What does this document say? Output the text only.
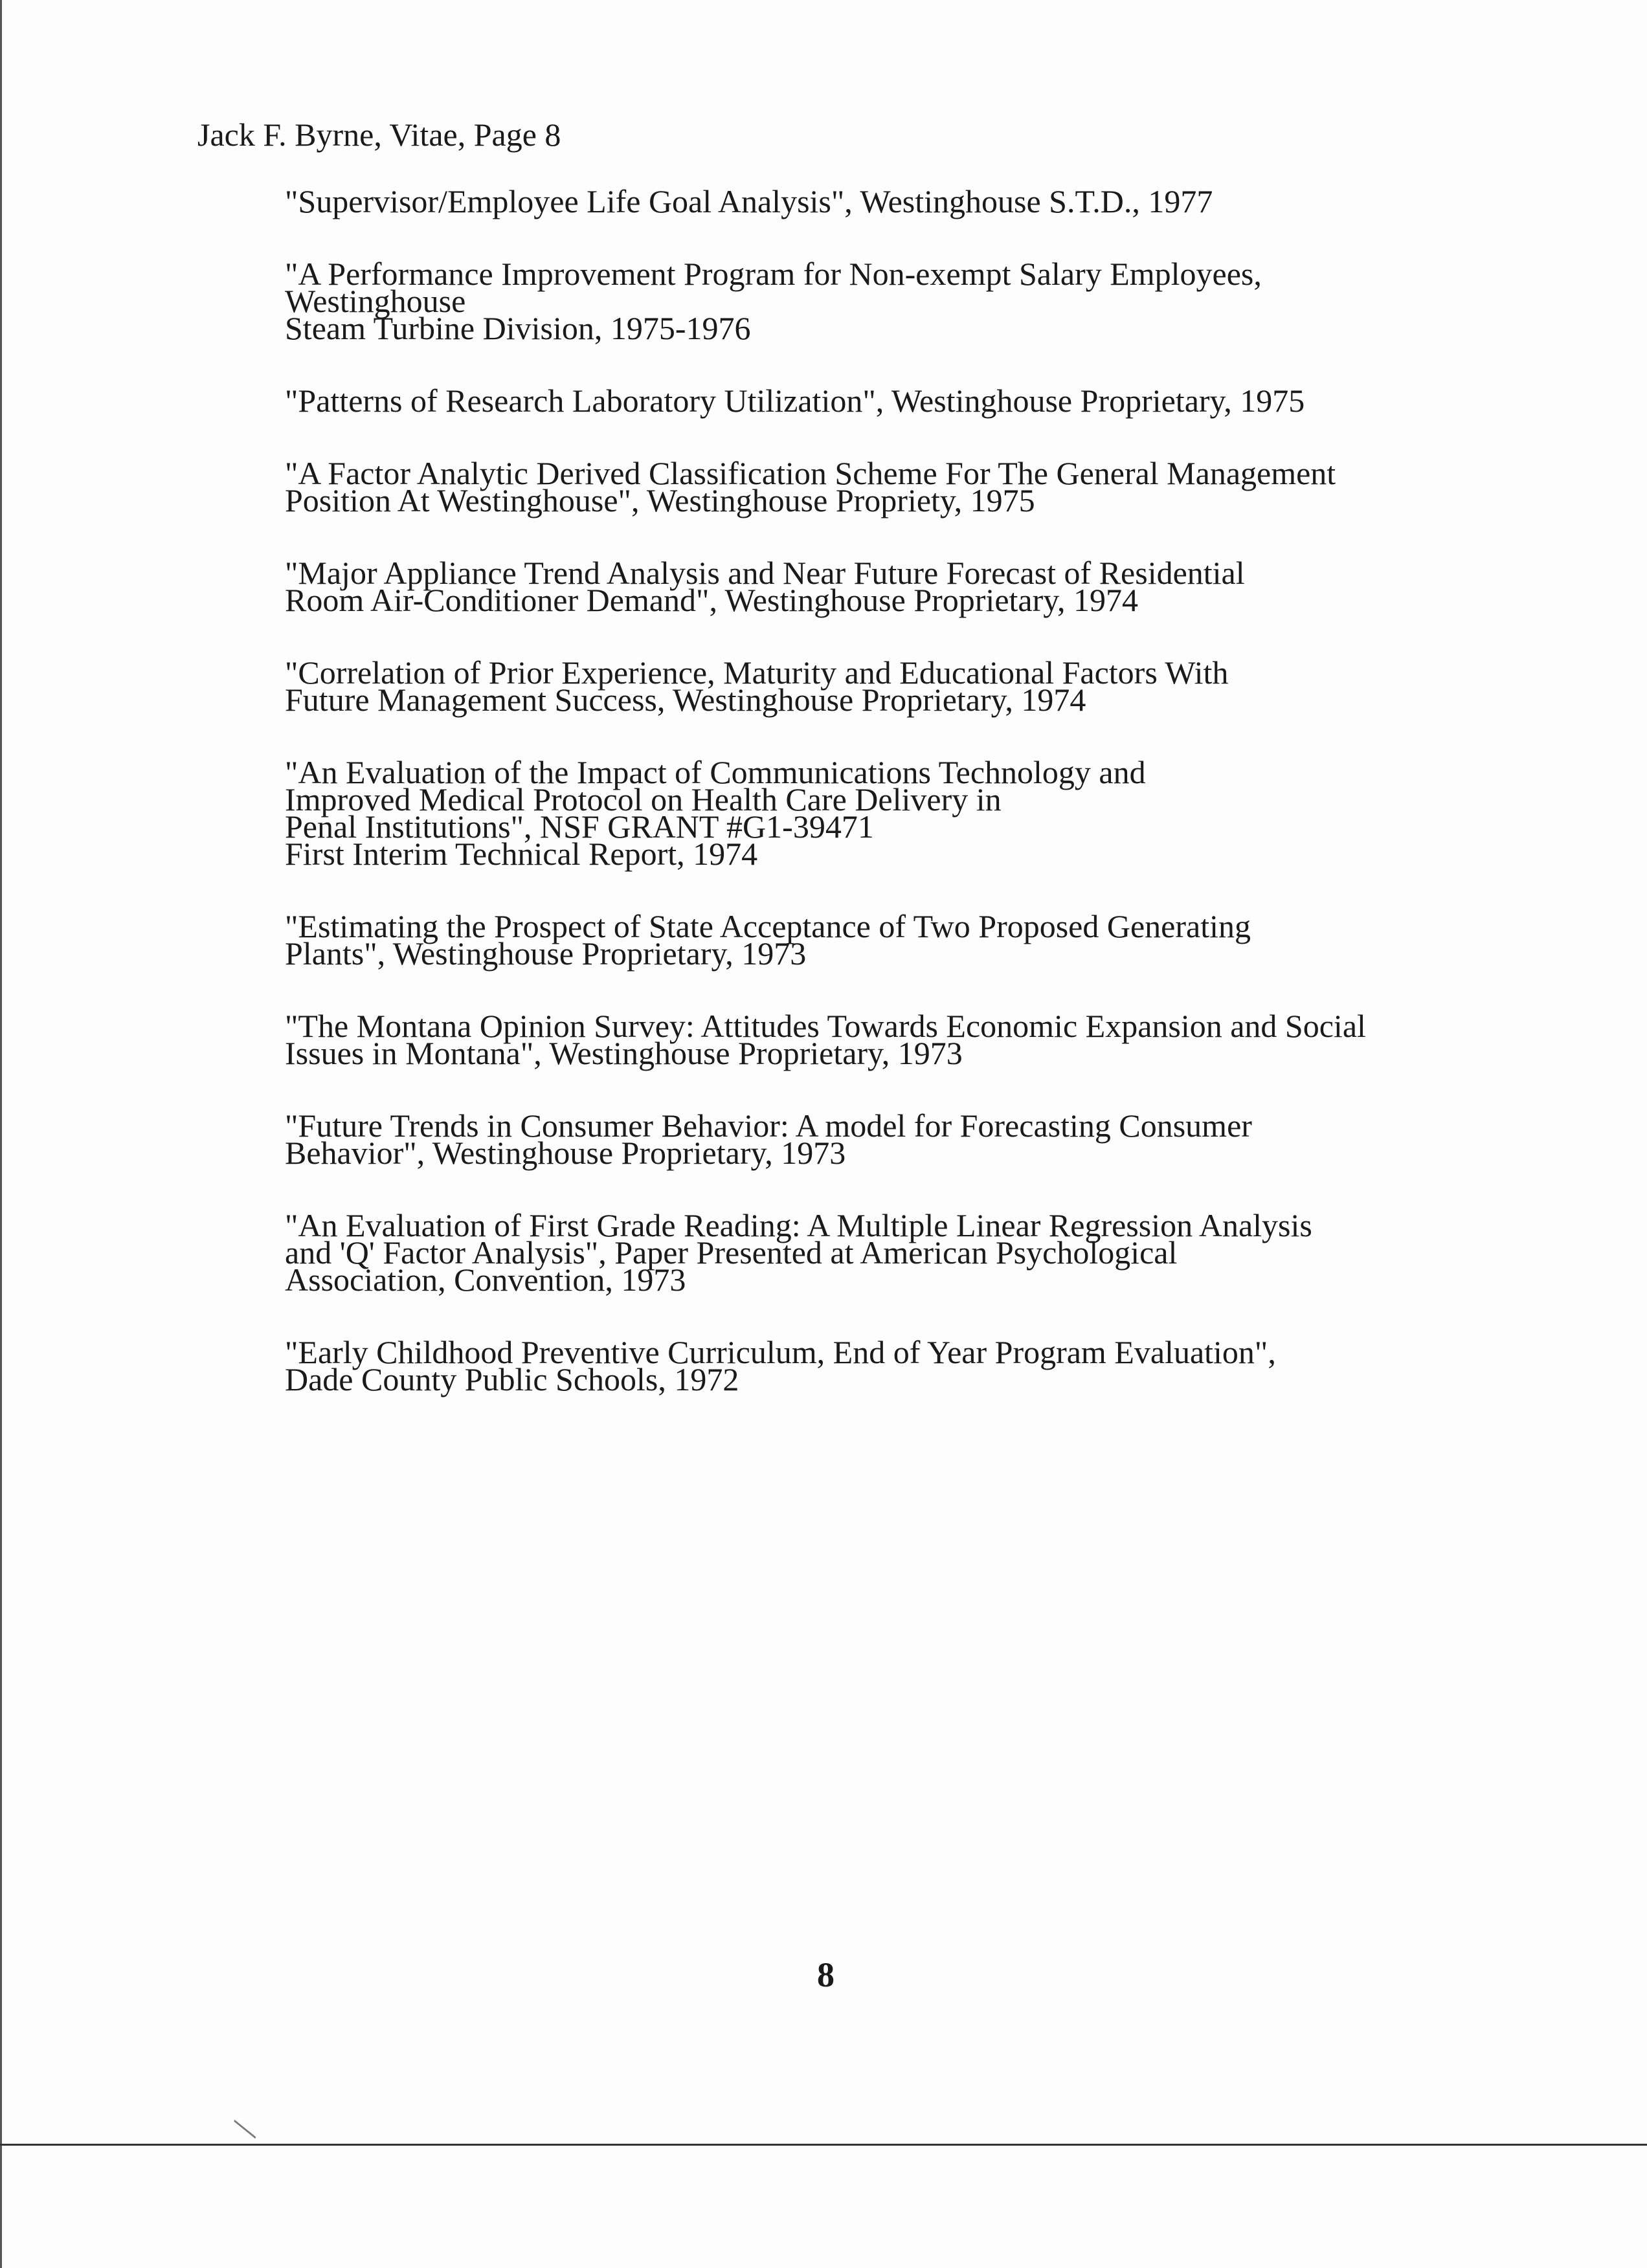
Jack F. Byrne, Vitae, Page 8
"Supervisor/Employee Life Goal Analysis", Westinghouse S.T.D., 1977
"A Performance Improvement Program for Non-exempt Salary Employees,
Westinghouse
Steam Turbine Division, 1975-1976
"Patterns of Research Laboratory Utilization", Westinghouse Proprietary, 1975
"A Factor Analytic Derived Classification Scheme For The General Management
Position At Westinghouse", Westinghouse Propriety, 1975
"Major Appliance Trend Analysis and Near Future Forecast of Residential
Room Air-Conditioner Demand", Westinghouse Proprietary, 1974
"Correlation of Prior Experience, Maturity and Educational Factors With
Future Management Success, Westinghouse Proprietary, 1974
"An Evaluation of the Impact of Communications Technology and
Improved Medical Protocol on Health Care Delivery in
Penal Institutions", NSF GRANT #G1-39471
First Interim Technical Report, 1974
"Estimating the Prospect of State Acceptance of Two Proposed Generating
Plants", Westinghouse Proprietary, 1973
"The Montana Opinion Survey: Attitudes Towards Economic Expansion and Social
Issues in Montana", Westinghouse Proprietary, 1973
"Future Trends in Consumer Behavior: A model for Forecasting Consumer
Behavior", Westinghouse Proprietary, 1973
"An Evaluation of First Grade Reading: A Multiple Linear Regression Analysis
and 'Q' Factor Analysis", Paper Presented at American Psychological
Association, Convention, 1973
"Early Childhood Preventive Curriculum, End of Year Program Evaluation",
Dade County Public Schools, 1972
8
/
